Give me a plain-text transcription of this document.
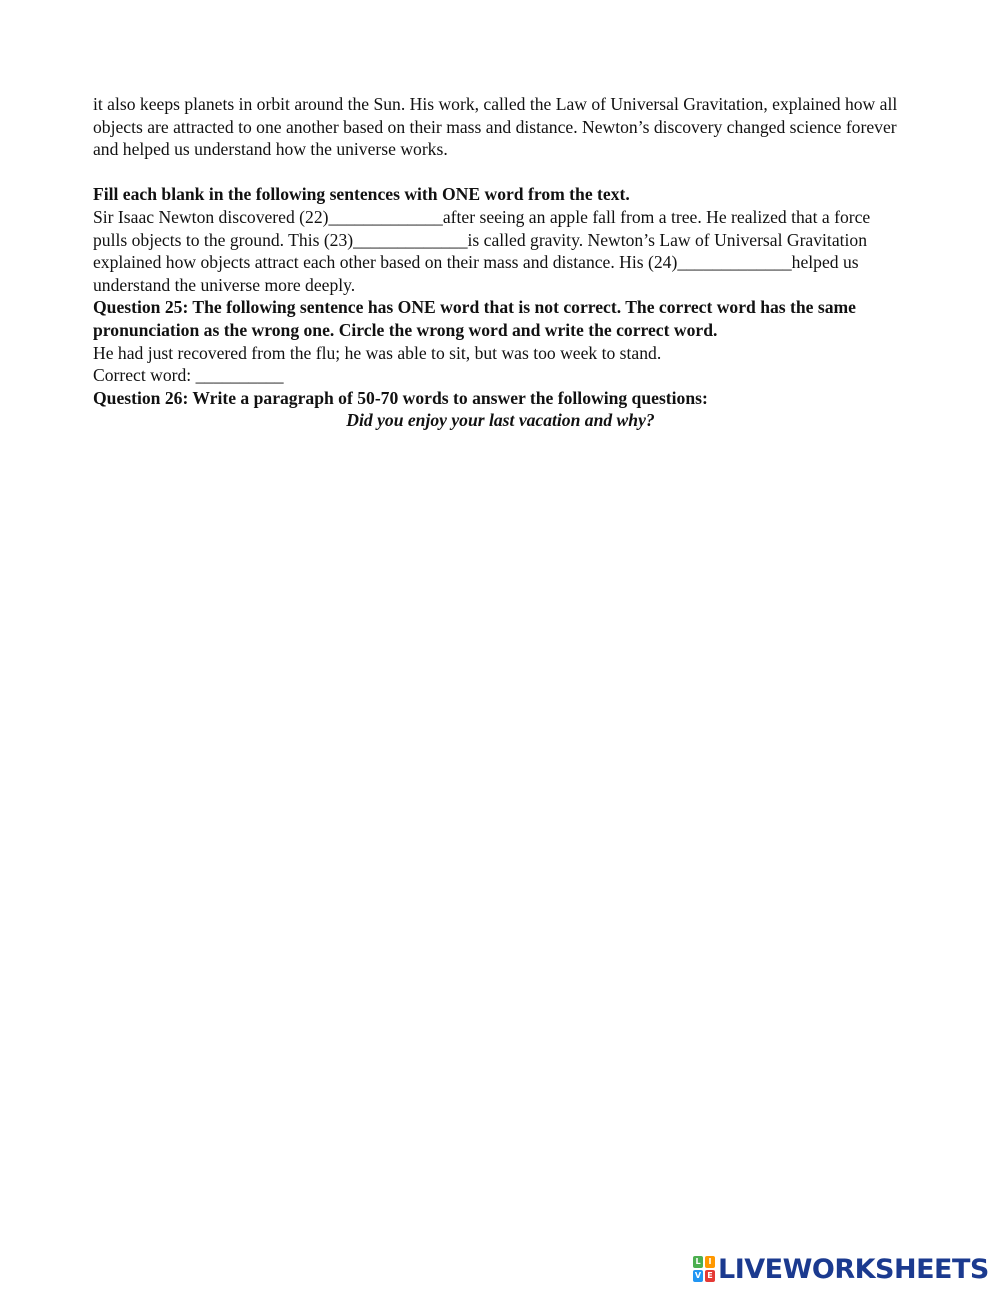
it also keeps planets in orbit around the Sun. His work, called the Law of Universal Gravitation, explained how all objects are attracted to one another based on their mass and distance. Newton’s discovery changed science forever and helped us understand how the universe works.

Fill each blank in the following sentences with ONE word from the text.
Sir Isaac Newton discovered (22)_____________after seeing an apple fall from a tree. He realized that a force pulls objects to the ground. This (23)_____________is called gravity. Newton’s Law of Universal Gravitation explained how objects attract each other based on their mass and distance. His (24)_____________helped us understand the universe more deeply.
Question 25: The following sentence has ONE word that is not correct. The correct word has the same pronunciation as the wrong one. Circle the wrong word and write the correct word.
He had just recovered from the flu; he was able to sit, but was too week to stand.
Correct word: __________
Question 26: Write a paragraph of 50-70 words to answer the following questions:
Did you enjoy your last vacation and why?
L I
V E LIVEWORKSHEETS
